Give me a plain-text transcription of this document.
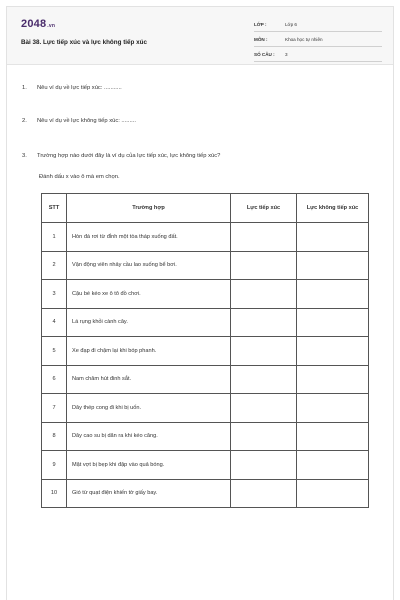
2048.vn
Bài 38. Lực tiếp xúc và lực không tiếp xúc
LỚP :	Lớp 6
MÔN :	Khoa học tự nhiên
SỐ CÂU : 3
1. Nêu ví dụ về lực tiếp xúc: ...........
2. Nêu ví dụ về lực không tiếp xúc: .........
3. Trường hợp nào dưới đây là ví dụ của lực tiếp xúc, lực không tiếp xúc?
Đánh dấu x vào ô mà em chọn.
STT	Trường hợp	Lực tiếp xúc	Lực không tiếp xúc
1	Hòn đá rơi từ đỉnh một tòa tháp xuống đất.		
2	Vận động viên nhảy cầu lao xuống bể bơi.		
3	Cậu bé kéo xe ô tô đồ chơi.		
4	Lá rụng khỏi cành cây.		
5	Xe đạp đi chậm lại khi bóp phanh.		
6	Nam châm hút đinh sắt.		
7	Dây thép cong đi khi bị uốn.		
8	Dây cao su bị dãn ra khi kéo căng.		
9	Mặt vợt bị bẹp khi đập vào quả bóng.		
10	Gió từ quạt điện khiến tờ giấy bay.		
